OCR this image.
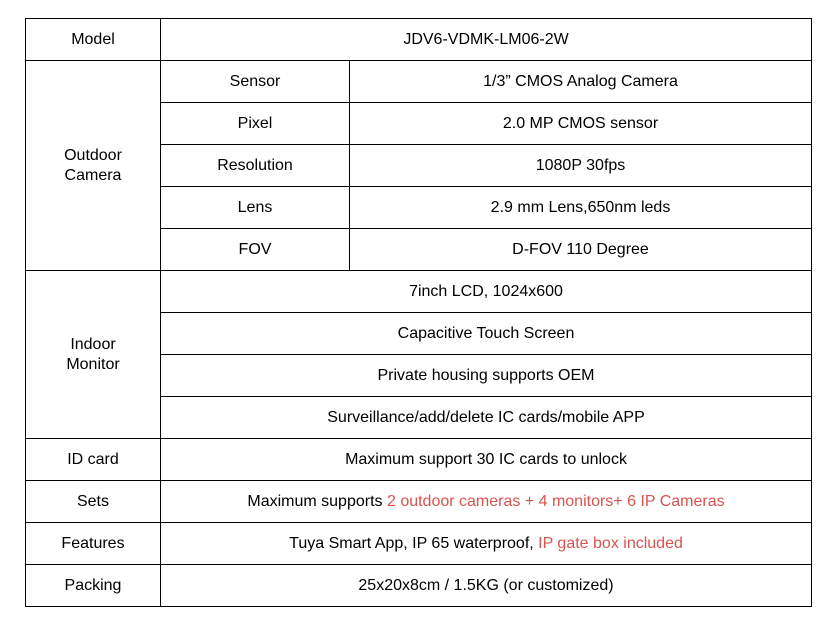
Model	JDV6-VDMK-LM06-2W	
Outdoor
Camera	Sensor	1/3” CMOS Analog Camera
	Pixel	2.0 MP CMOS sensor
	Resolution	1080P 30fps
	Lens	2.9 mm Lens,650nm leds
	FOV	D-FOV 110 Degree
Indoor
Monitor	7inch LCD, 1024x600	
	Capacitive Touch Screen	
	Private housing supports OEM	
	Surveillance/add/delete IC cards/mobile APP	
ID card	Maximum support 30 IC cards to unlock	
Sets	Maximum supports 2 outdoor cameras + 4 monitors+ 6 IP Cameras	
Features	Tuya Smart App, IP 65 waterproof, IP gate box included	
Packing	25x20x8cm / 1.5KG (or customized)	
